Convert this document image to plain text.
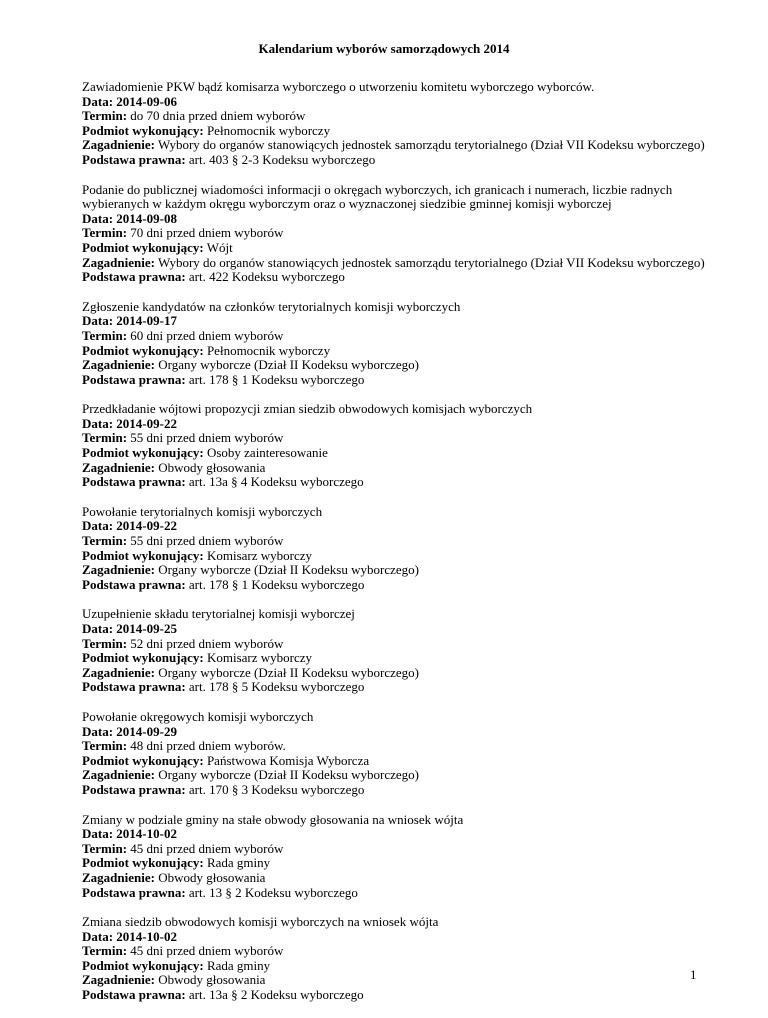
Kalendarium wyborów samorządowych 2014
Zawiadomienie PKW bądź komisarza wyborczego o utworzeniu komitetu wyborczego wyborców.
Data: 2014-09-06
Termin: do 70 dnia przed dniem wyborów
Podmiot wykonujący: Pełnomocnik wyborczy
Zagadnienie: Wybory do organów stanowiących jednostek samorządu terytorialnego (Dział VII Kodeksu wyborczego)
Podstawa prawna: art. 403 § 2-3 Kodeksu wyborczego
Podanie do publicznej wiadomości informacji o okręgach wyborczych, ich granicach i numerach, liczbie radnych wybieranych w każdym okręgu wyborczym oraz o wyznaczonej siedzibie gminnej komisji wyborczej
Data: 2014-09-08
Termin: 70 dni przed dniem wyborów
Podmiot wykonujący: Wójt
Zagadnienie: Wybory do organów stanowiących jednostek samorządu terytorialnego (Dział VII Kodeksu wyborczego)
Podstawa prawna: art. 422 Kodeksu wyborczego
Zgłoszenie kandydatów na członków terytorialnych komisji wyborczych
Data: 2014-09-17
Termin: 60 dni przed dniem wyborów
Podmiot wykonujący: Pełnomocnik wyborczy
Zagadnienie: Organy wyborcze (Dział II Kodeksu wyborczego)
Podstawa prawna: art. 178 § 1 Kodeksu wyborczego
Przedkładanie wójtowi propozycji zmian siedzib obwodowych komisjach wyborczych
Data: 2014-09-22
Termin: 55 dni przed dniem wyborów
Podmiot wykonujący: Osoby zainteresowanie
Zagadnienie: Obwody głosowania
Podstawa prawna: art. 13a § 4 Kodeksu wyborczego
Powołanie terytorialnych komisji wyborczych
Data: 2014-09-22
Termin: 55 dni przed dniem wyborów
Podmiot wykonujący: Komisarz wyborczy
Zagadnienie: Organy wyborcze (Dział II Kodeksu wyborczego)
Podstawa prawna: art. 178 § 1 Kodeksu wyborczego
Uzupełnienie składu terytorialnej komisji wyborczej
Data: 2014-09-25
Termin: 52 dni przed dniem wyborów
Podmiot wykonujący: Komisarz wyborczy
Zagadnienie: Organy wyborcze (Dział II Kodeksu wyborczego)
Podstawa prawna: art. 178 § 5 Kodeksu wyborczego
Powołanie okręgowych komisji wyborczych
Data: 2014-09-29
Termin: 48 dni przed dniem wyborów.
Podmiot wykonujący: Państwowa Komisja Wyborcza
Zagadnienie: Organy wyborcze (Dział II Kodeksu wyborczego)
Podstawa prawna: art. 170 § 3 Kodeksu wyborczego
Zmiany w podziale gminy na stałe obwody głosowania na wniosek wójta
Data: 2014-10-02
Termin: 45 dni przed dniem wyborów
Podmiot wykonujący: Rada gminy
Zagadnienie: Obwody głosowania
Podstawa prawna: art. 13 § 2 Kodeksu wyborczego
Zmiana siedzib obwodowych komisji wyborczych na wniosek wójta
Data: 2014-10-02
Termin: 45 dni przed dniem wyborów
Podmiot wykonujący: Rada gminy
Zagadnienie: Obwody głosowania
Podstawa prawna: art. 13a § 2 Kodeksu wyborczego
1
